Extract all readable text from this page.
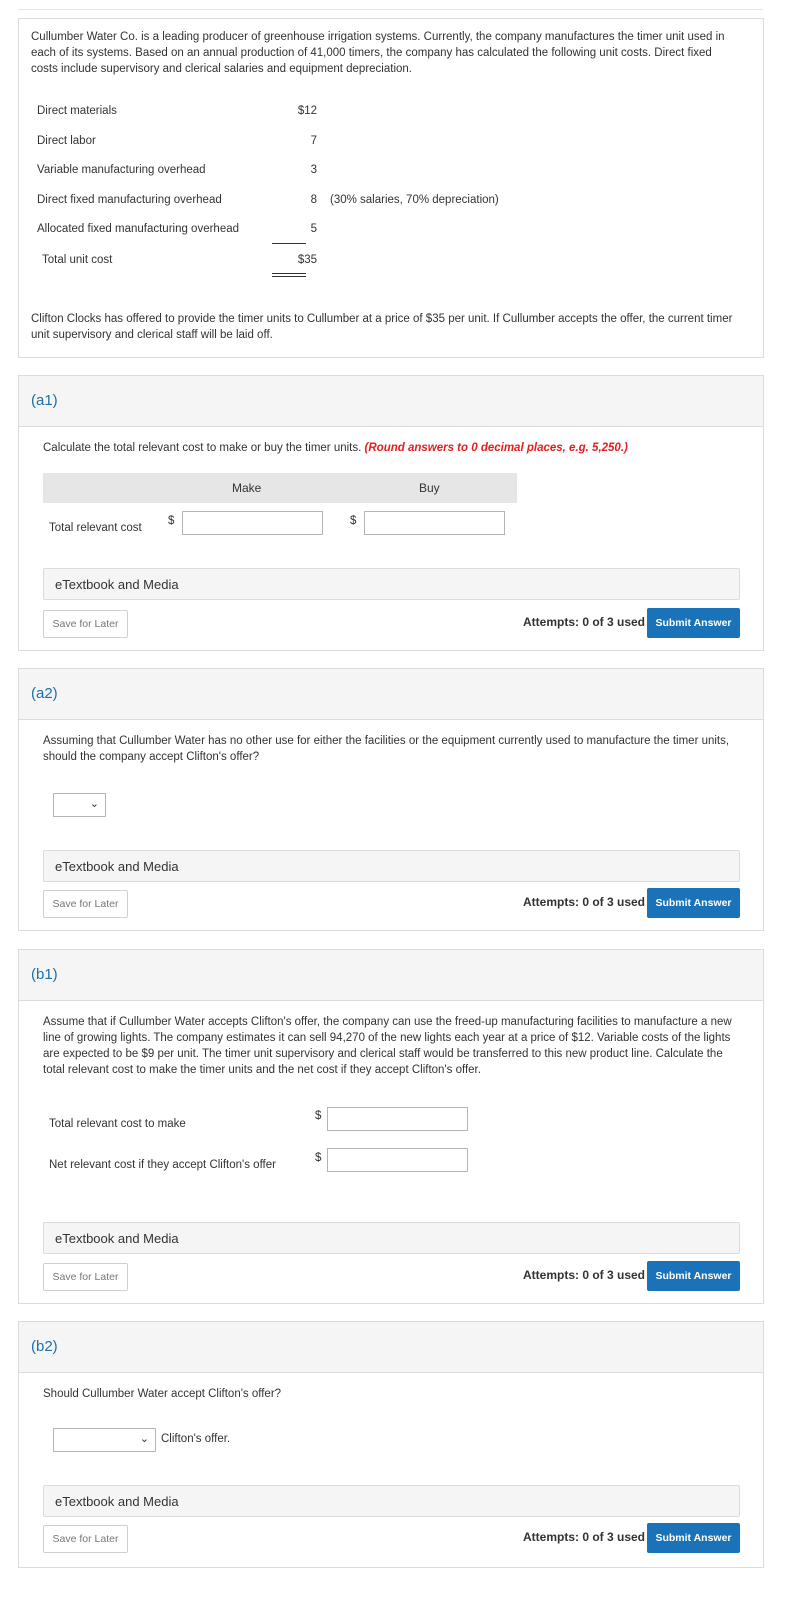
Cullumber Water Co. is a leading producer of greenhouse irrigation systems. Currently, the company manufactures the timer unit used in each of its systems. Based on an annual production of 41,000 timers, the company has calculated the following unit costs. Direct fixed costs include supervisory and clerical salaries and equipment depreciation.
Direct materials	$12
Direct labor	7
Variable manufacturing overhead	3
Direct fixed manufacturing overhead	8 (30% salaries, 70% depreciation)
Allocated fixed manufacturing overhead	5
Total unit cost	$35
Clifton Clocks has offered to provide the timer units to Cullumber at a price of $35 per unit. If Cullumber accepts the offer, the current timer unit supervisory and clerical staff will be laid off.
(a1)
Calculate the total relevant cost to make or buy the timer units. (Round answers to 0 decimal places, e.g. 5,250.)
Make	Buy
Total relevant cost
$	$
eTextbook and Media
Save for Later	Attempts: 0 of 3 used Submit Answer
(a2)
Assuming that Cullumber Water has no other use for either the facilities or the equipment currently used to manufacture the timer units, should the company accept Clifton's offer?
⌄
eTextbook and Media
Save for Later	Attempts: 0 of 3 used Submit Answer
(b1)
Assume that if Cullumber Water accepts Clifton's offer, the company can use the freed-up manufacturing facilities to manufacture a new line of growing lights. The company estimates it can sell 94,270 of the new lights each year at a price of $12. Variable costs of the lights are expected to be $9 per unit. The timer unit supervisory and clerical staff would be transferred to this new product line. Calculate the total relevant cost to make the timer units and the net cost if they accept Clifton's offer.
Total relevant cost to make
$
Net relevant cost if they accept Clifton's offer
$
eTextbook and Media
Save for Later	Attempts: 0 of 3 used Submit Answer
(b2)
Should Cullumber Water accept Clifton's offer?
⌄ Clifton's offer.
eTextbook and Media
Save for Later	Attempts: 0 of 3 used Submit Answer
